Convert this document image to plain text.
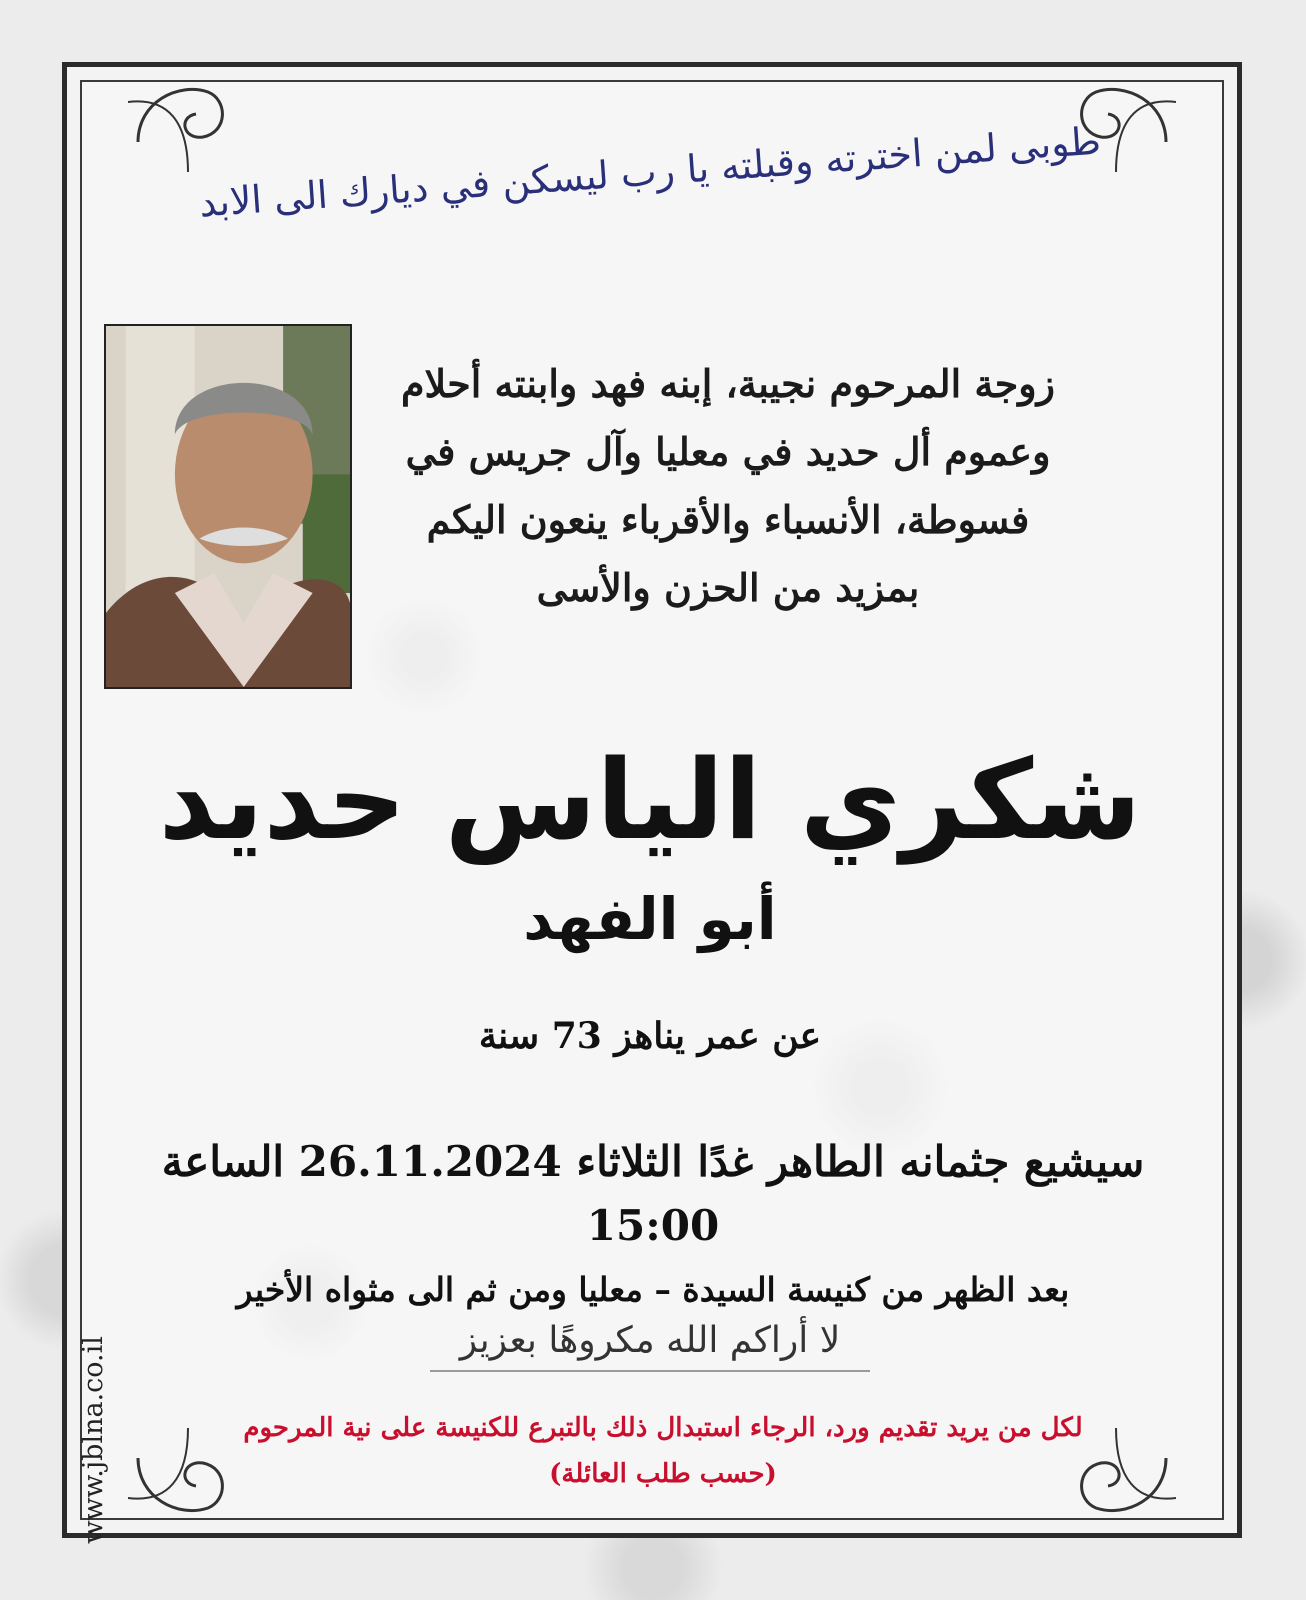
طوبى لمن اخترته وقبلته يا رب ليسكن في ديارك الى الابد
زوجة المرحوم نجيبة، إبنه فهد وابنته أحلام
وعموم أل حديد في معليا وآل جريس في
فسوطة، الأنسباء والأقرباء ينعون اليكم
بمزيد من الحزن والأسى
شكري الياس حديد
أبو الفهد
عن عمر يناهز 73 سنة
سيشيع جثمانه الطاهر غدًا الثلاثاء 26.11.2024 الساعة 15:00
بعد الظهر من كنيسة السيدة – معليا ومن ثم الى مثواه الأخير
لا أراكم الله مكروهًا بعزيز
لكل من يريد تقديم ورد، الرجاء استبدال ذلك بالتبرع للكنيسة على نية المرحوم
(حسب طلب العائلة)
www.jblna.co.il
